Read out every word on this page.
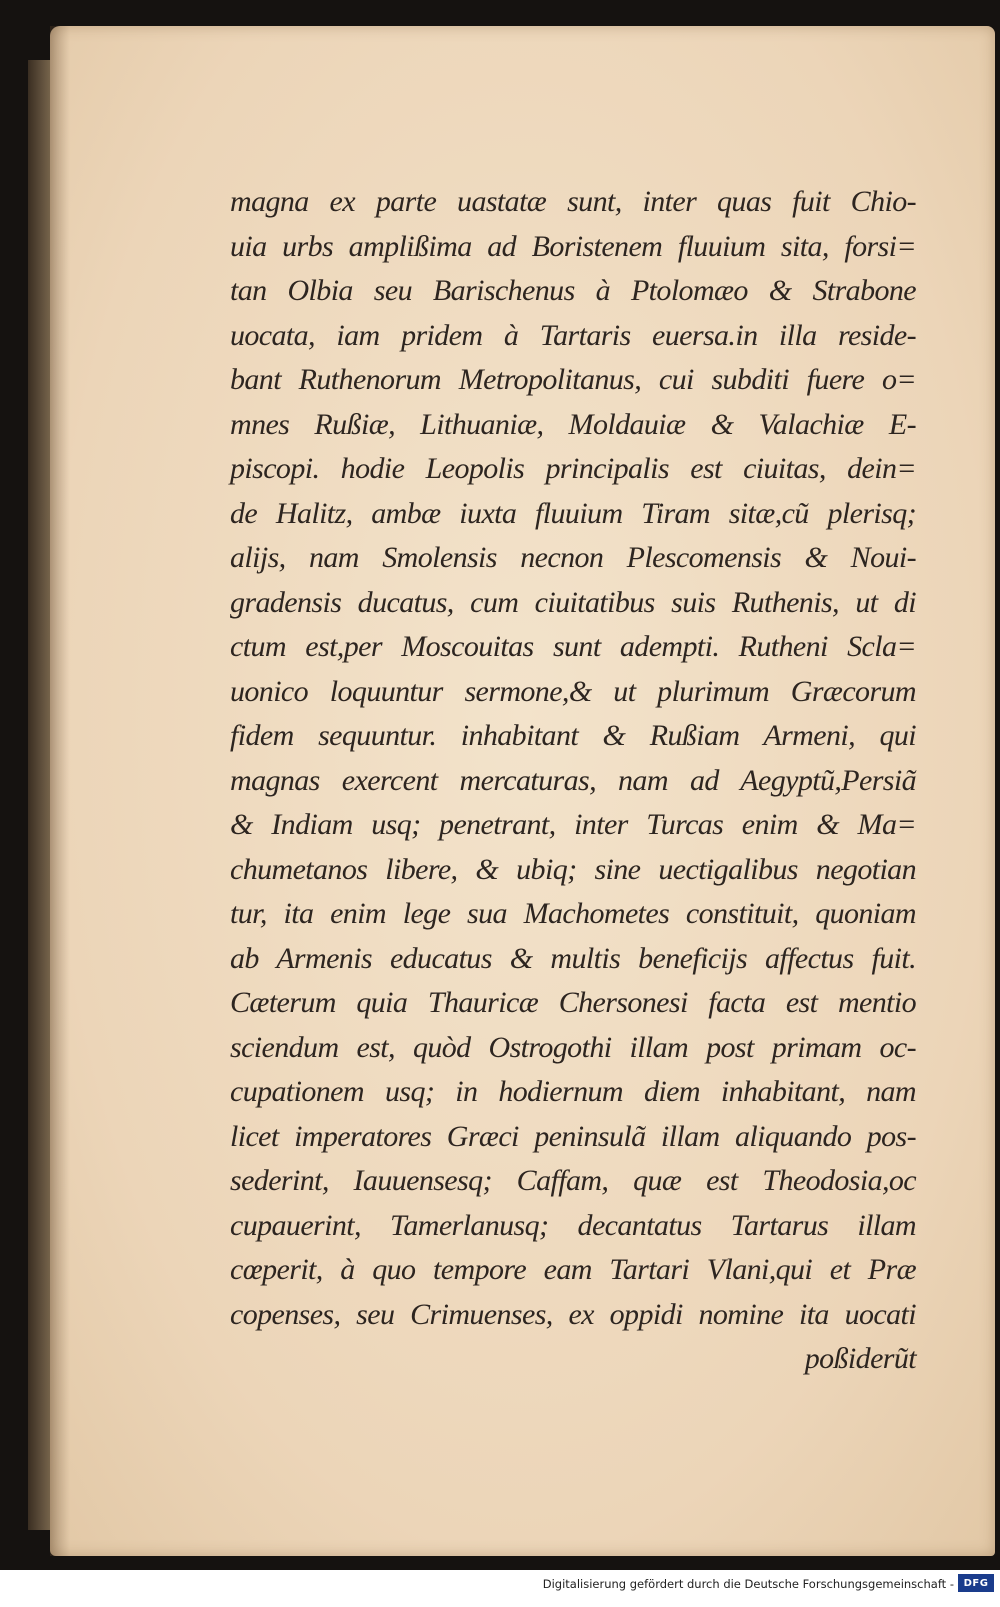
magna ex parte uastatæ sunt, inter quas fuit Chio-
uia urbs amplißima ad Boristenem fluuium sita, forsi=
tan Olbia seu Barischenus à Ptolomæo & Strabone
uocata, iam pridem à Tartaris euersa.in illa reside-
bant Ruthenorum Metropolitanus, cui subditi fuere o=
mnes Rußiæ, Lithuaniæ, Moldauiæ & Valachiæ E-
piscopi. hodie Leopolis principalis est ciuitas, dein=
de Halitz, ambæ iuxta fluuium Tiram sitæ,cũ plerisq;
alijs, nam Smolensis necnon Plescomensis & Noui-
gradensis ducatus, cum ciuitatibus suis Ruthenis, ut di
ctum est,per Moscouitas sunt adempti. Rutheni Scla=
uonico loquuntur sermone,& ut plurimum Græcorum
fidem sequuntur. inhabitant & Rußiam Armeni, qui
magnas exercent mercaturas, nam ad Aegyptũ,Persiã
& Indiam usq; penetrant, inter Turcas enim & Ma=
chumetanos libere, & ubiq; sine uectigalibus negotian
tur, ita enim lege sua Machometes constituit, quoniam
ab Armenis educatus & multis beneficijs affectus fuit.
Cæterum quia Thauricæ Chersonesi facta est mentio
sciendum est, quòd Ostrogothi illam post primam oc-
cupationem usq; in hodiernum diem inhabitant, nam
licet imperatores Græci peninsulã illam aliquando pos-
sederint, Iauuensesq; Caffam, quæ est Theodosia,oc
cupauerint, Tamerlanusq; decantatus Tartarus illam
cœperit, à quo tempore eam Tartari Vlani,qui et Præ
copenses, seu Crimuenses, ex oppidi nomine ita uocati
poßiderũt
Digitalisierung gefördert durch die Deutsche Forschungsgemeinschaft - DFG
